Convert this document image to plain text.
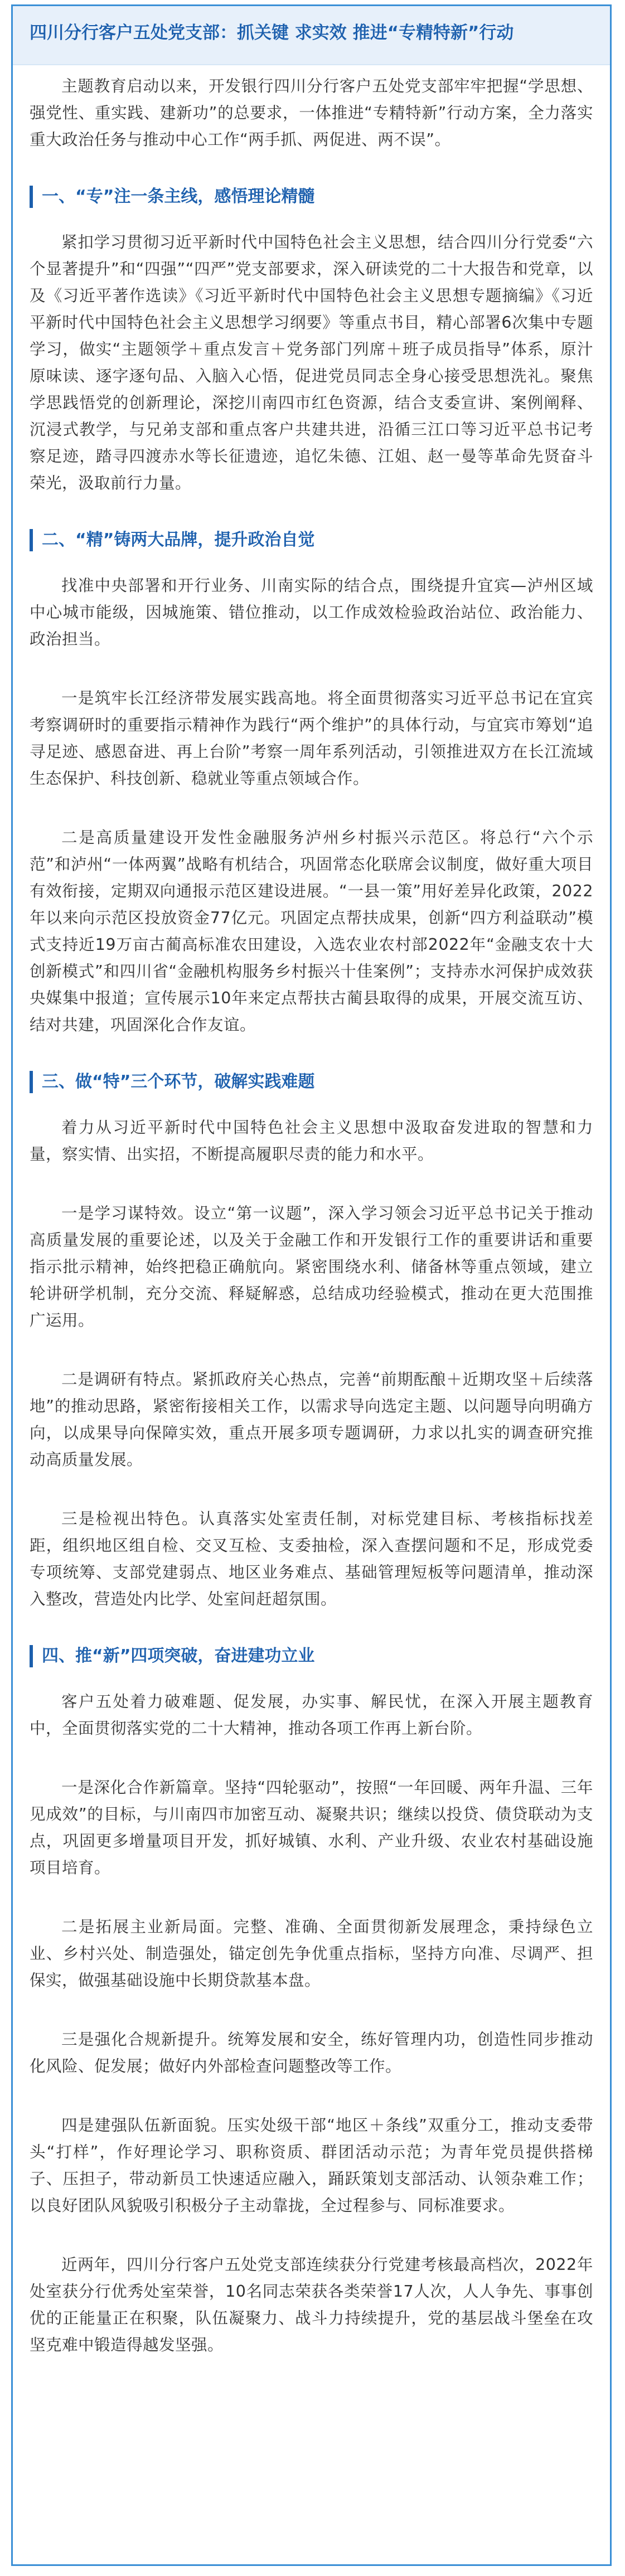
四川分行客户五处党支部：抓关键 求实效 推进“专精特新”行动

主题教育启动以来，开发银行四川分行客户五处党支部牢牢把握“学思想、强党性、重实践、建新功”的总要求，一体推进“专精特新”行动方案，全力落实重大政治任务与推动中心工作“两手抓、两促进、两不误”。

一、“专”注一条主线，感悟理论精髓

紧扣学习贯彻习近平新时代中国特色社会主义思想，结合四川分行党委“六个显著提升”和“四强”“四严”党支部要求，深入研读党的二十大报告和党章，以及《习近平著作选读》《习近平新时代中国特色社会主义思想专题摘编》《习近平新时代中国特色社会主义思想学习纲要》等重点书目，精心部署6次集中专题学习，做实“主题领学＋重点发言＋党务部门列席＋班子成员指导”体系，原汁原味读、逐字逐句品、入脑入心悟，促进党员同志全身心接受思想洗礼。聚焦学思践悟党的创新理论，深挖川南四市红色资源，结合支委宣讲、案例阐释、沉浸式教学，与兄弟支部和重点客户共建共进，沿循三江口等习近平总书记考察足迹，踏寻四渡赤水等长征遗迹，追忆朱德、江姐、赵一曼等革命先贤奋斗荣光，汲取前行力量。

二、“精”铸两大品牌，提升政治自觉

找准中央部署和开行业务、川南实际的结合点，围绕提升宜宾—泸州区域中心城市能级，因城施策、错位推动，以工作成效检验政治站位、政治能力、政治担当。

一是筑牢长江经济带发展实践高地。将全面贯彻落实习近平总书记在宜宾考察调研时的重要指示精神作为践行“两个维护”的具体行动，与宜宾市筹划“追寻足迹、感恩奋进、再上台阶”考察一周年系列活动，引领推进双方在长江流域生态保护、科技创新、稳就业等重点领域合作。

二是高质量建设开发性金融服务泸州乡村振兴示范区。将总行“六个示范”和泸州“一体两翼”战略有机结合，巩固常态化联席会议制度，做好重大项目有效衔接，定期双向通报示范区建设进展。“一县一策”用好差异化政策，2022年以来向示范区投放资金77亿元。巩固定点帮扶成果，创新“四方利益联动”模式支持近19万亩古蔺高标准农田建设，入选农业农村部2022年“金融支农十大创新模式”和四川省“金融机构服务乡村振兴十佳案例”；支持赤水河保护成效获央媒集中报道；宣传展示10年来定点帮扶古蔺县取得的成果，开展交流互访、结对共建，巩固深化合作友谊。

三、做“特”三个环节，破解实践难题

着力从习近平新时代中国特色社会主义思想中汲取奋发进取的智慧和力量，察实情、出实招，不断提高履职尽责的能力和水平。

一是学习谋特效。设立“第一议题”，深入学习领会习近平总书记关于推动高质量发展的重要论述，以及关于金融工作和开发银行工作的重要讲话和重要指示批示精神，始终把稳正确航向。紧密围绕水利、储备林等重点领域，建立轮讲研学机制，充分交流、释疑解惑，总结成功经验模式，推动在更大范围推广运用。

二是调研有特点。紧抓政府关心热点，完善“前期酝酿＋近期攻坚＋后续落地”的推动思路，紧密衔接相关工作，以需求导向选定主题、以问题导向明确方向，以成果导向保障实效，重点开展多项专题调研，力求以扎实的调查研究推动高质量发展。

三是检视出特色。认真落实处室责任制，对标党建目标、考核指标找差距，组织地区组自检、交叉互检、支委抽检，深入查摆问题和不足，形成党委专项统筹、支部党建弱点、地区业务难点、基础管理短板等问题清单，推动深入整改，营造处内比学、处室间赶超氛围。

四、推“新”四项突破，奋进建功立业

客户五处着力破难题、促发展，办实事、解民忧，在深入开展主题教育中，全面贯彻落实党的二十大精神，推动各项工作再上新台阶。

一是深化合作新篇章。坚持“四轮驱动”，按照“一年回暖、两年升温、三年见成效”的目标，与川南四市加密互动、凝聚共识；继续以投贷、债贷联动为支点，巩固更多增量项目开发，抓好城镇、水利、产业升级、农业农村基础设施项目培育。

二是拓展主业新局面。完整、准确、全面贯彻新发展理念，秉持绿色立业、乡村兴处、制造强处，锚定创先争优重点指标，坚持方向准、尽调严、担保实，做强基础设施中长期贷款基本盘。

三是强化合规新提升。统筹发展和安全，练好管理内功，创造性同步推动化风险、促发展；做好内外部检查问题整改等工作。

四是建强队伍新面貌。压实处级干部“地区＋条线”双重分工，推动支委带头“打样”，作好理论学习、职称资质、群团活动示范；为青年党员提供搭梯子、压担子，带动新员工快速适应融入，踊跃策划支部活动、认领杂难工作；以良好团队风貌吸引积极分子主动靠拢，全过程参与、同标准要求。

近两年，四川分行客户五处党支部连续获分行党建考核最高档次，2022年处室获分行优秀处室荣誉，10名同志荣获各类荣誉17人次，人人争先、事事创优的正能量正在积聚，队伍凝聚力、战斗力持续提升，党的基层战斗堡垒在攻坚克难中锻造得越发坚强。
